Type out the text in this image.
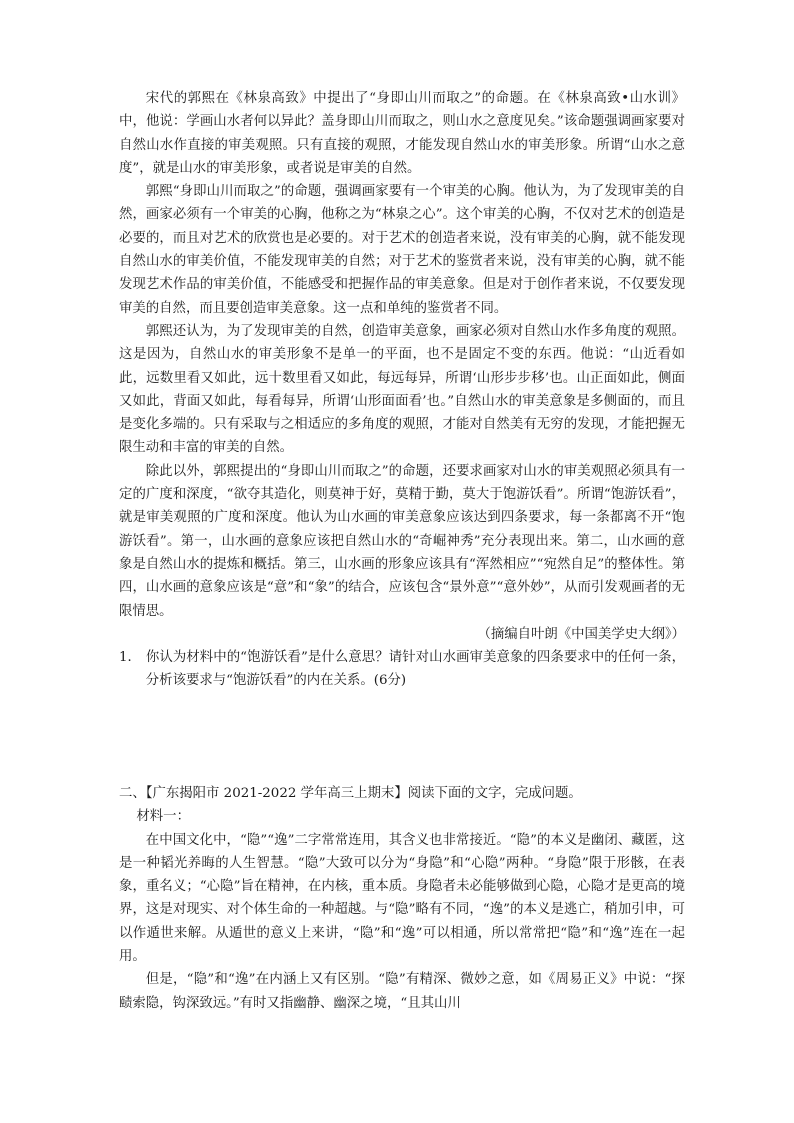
宋代的郭熙在《林泉高致》中提出了“身即山川而取之”的命题。在《林泉高致•山水训》中，他说：学画山水者何以异此？盖身即山川而取之，则山水之意度见矣。”该命题强调画家要对自然山水作直接的审美观照。只有直接的观照，才能发现自然山水的审美形象。所谓“山水之意度”，就是山水的审美形象，或者说是审美的自然。

郭熙“身即山川而取之”的命题，强调画家要有一个审美的心胸。他认为，为了发现审美的自然，画家必须有一个审美的心胸，他称之为“林泉之心”。这个审美的心胸，不仅对艺术的创造是必要的，而且对艺术的欣赏也是必要的。对于艺术的创造者来说，没有审美的心胸，就不能发现自然山水的审美价值，不能发现审美的自然；对于艺术的鉴赏者来说，没有审美的心胸，就不能发现艺术作品的审美价值，不能感受和把握作品的审美意象。但是对于创作者来说，不仅要发现审美的自然，而且要创造审美意象。这一点和单纯的鉴赏者不同。

郭熙还认为，为了发现审美的自然，创造审美意象，画家必须对自然山水作多角度的观照。这是因为，自然山水的审美形象不是单一的平面，也不是固定不变的东西。他说：“山近看如此，远数里看又如此，远十数里看又如此，每远每异，所谓‘山形步步移’也。山正面如此，侧面又如此，背面又如此，每看每异，所谓‘山形面面看’也。”自然山水的审美意象是多侧面的，而且是变化多端的。只有采取与之相适应的多角度的观照，才能对自然美有无穷的发现，才能把握无限生动和丰富的审美的自然。

除此以外，郭熙提出的“身即山川而取之”的命题，还要求画家对山水的审美观照必须具有一定的广度和深度，“欲夺其造化，则莫神于好，莫精于勤，莫大于饱游饫看”。所谓“饱游饫看”，就是审美观照的广度和深度。他认为山水画的审美意象应该达到四条要求，每一条都离不开“饱游饫看”。第一，山水画的意象应该把自然山水的“奇崛神秀”充分表现出来。第二，山水画的意象是自然山水的提炼和概括。第三，山水画的形象应该具有“浑然相应”“宛然自足”的整体性。第四，山水画的意象应该是“意”和“象”的结合，应该包含“景外意”“意外妙”，从而引发观画者的无限情思。

（摘编自叶朗《中国美学史大纲》）

1． 你认为材料中的“饱游饫看”是什么意思？请针对山水画审美意象的四条要求中的任何一条，分析该要求与“饱游饫看”的内在关系。(6分)

二、【广东揭阳市 2021-2022 学年高三上期末】阅读下面的文字，完成问题。

材料一：

在中国文化中，“隐”“逸”二字常常连用，其含义也非常接近。“隐”的本义是幽闭、藏匿，这是一种韬光养晦的人生智慧。“隐”大致可以分为“身隐”和“心隐”两种。“身隐”限于形骸，在表象，重名义；“心隐”旨在精神，在内核，重本质。身隐者未必能够做到心隐，心隐才是更高的境界，这是对现实、对个体生命的一种超越。与“隐”略有不同，“逸”的本义是逃亡，稍加引申，可以作遁世来解。从遁世的意义上来讲，“隐”和“逸”可以相通，所以常常把“隐”和“逸”连在一起用。

但是，“隐”和“逸”在内涵上又有区别。“隐”有精深、微妙之意，如《周易正义》中说：“探赜索隐，钩深致远。”有时又指幽静、幽深之境，“且其山川
